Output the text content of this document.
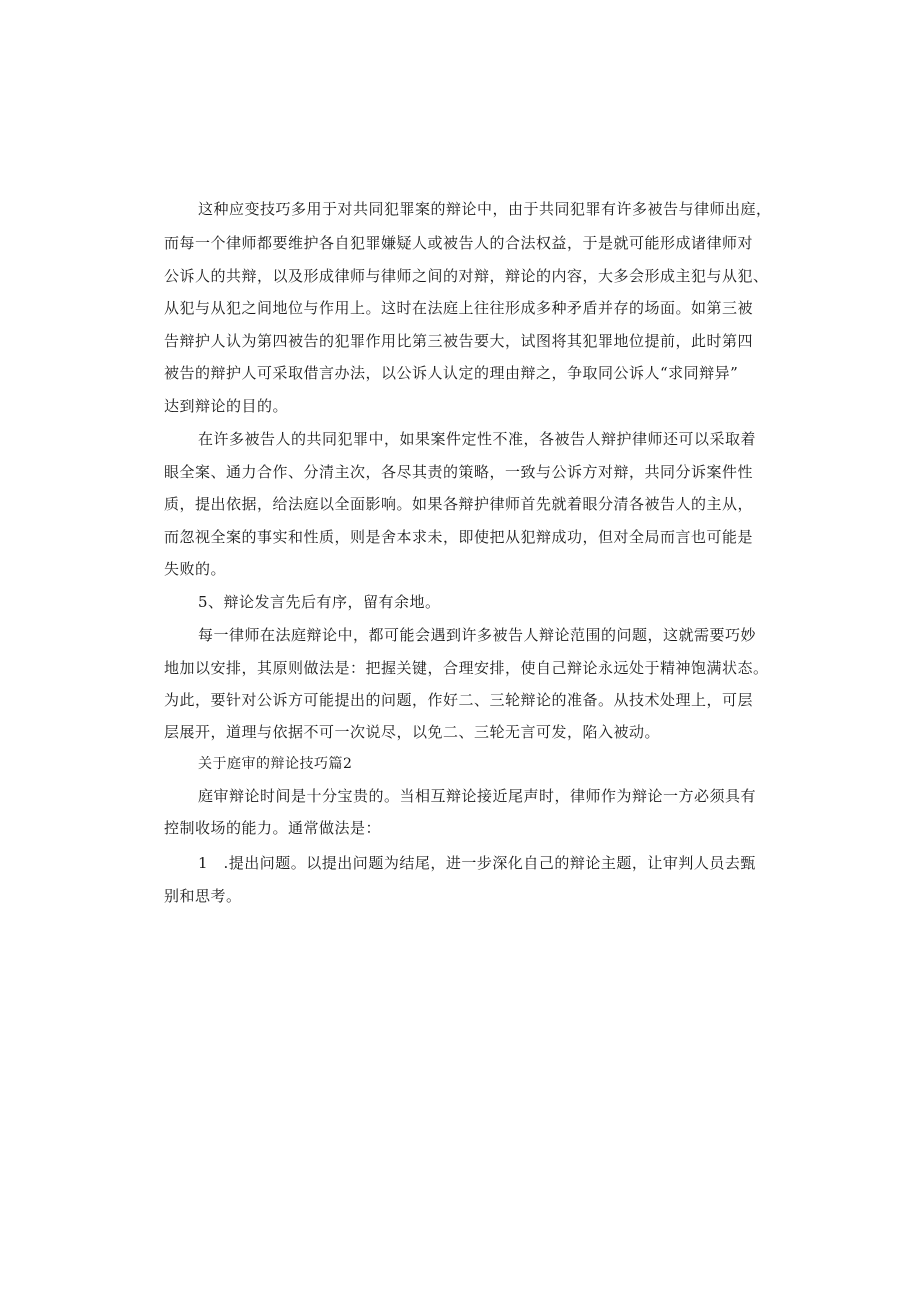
这种应变技巧多用于对共同犯罪案的辩论中，由于共同犯罪有许多被告与律师出庭，
而每一个律师都要维护各自犯罪嫌疑人或被告人的合法权益，于是就可能形成诸律师对
公诉人的共辩，以及形成律师与律师之间的对辩，辩论的内容，大多会形成主犯与从犯、
从犯与从犯之间地位与作用上。这时在法庭上往往形成多种矛盾并存的场面。如第三被
告辩护人认为第四被告的犯罪作用比第三被告要大，试图将其犯罪地位提前，此时第四
被告的辩护人可采取借言办法，以公诉人认定的理由辩之，争取同公诉人“求同辩异”
达到辩论的目的。
在许多被告人的共同犯罪中，如果案件定性不准，各被告人辩护律师还可以采取着
眼全案、通力合作、分清主次，各尽其责的策略，一致与公诉方对辩，共同分诉案件性
质，提出依据，给法庭以全面影响。如果各辩护律师首先就着眼分清各被告人的主从，
而忽视全案的事实和性质，则是舍本求未，即使把从犯辩成功，但对全局而言也可能是
失败的。
5、辩论发言先后有序，留有余地。
每一律师在法庭辩论中，都可能会遇到许多被告人辩论范围的问题，这就需要巧妙
地加以安排，其原则做法是：把握关键，合理安排，使自己辩论永远处于精神饱满状态。
为此，要针对公诉方可能提出的问题，作好二、三轮辩论的准备。从技术处理上，可层
层展开，道理与依据不可一次说尽，以免二、三轮无言可发，陷入被动。
关于庭审的辩论技巧篇2
庭审辩论时间是十分宝贵的。当相互辩论接近尾声时，律师作为辩论一方必须具有
控制收场的能力。通常做法是：
1　.提出问题。以提出问题为结尾，进一步深化自己的辩论主题，让审判人员去甄
别和思考。
